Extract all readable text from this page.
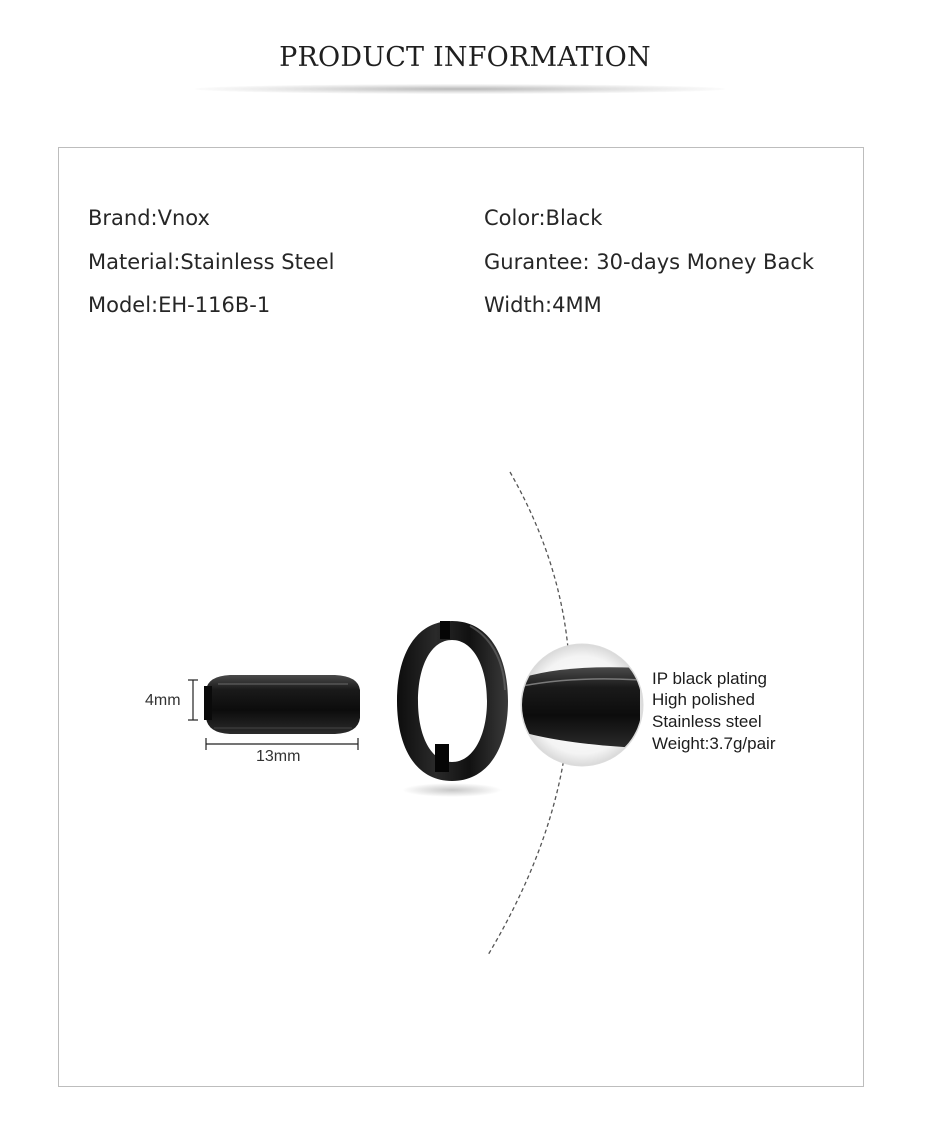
PRODUCT INFORMATION
Brand:Vnox
Material:Stainless Steel
Model:EH-116B-1
Color:Black
Gurantee: 30-days Money Back
Width:4MM
4mm
13mm
IP black plating
High polished
Stainless steel
Weight:3.7g/pair
